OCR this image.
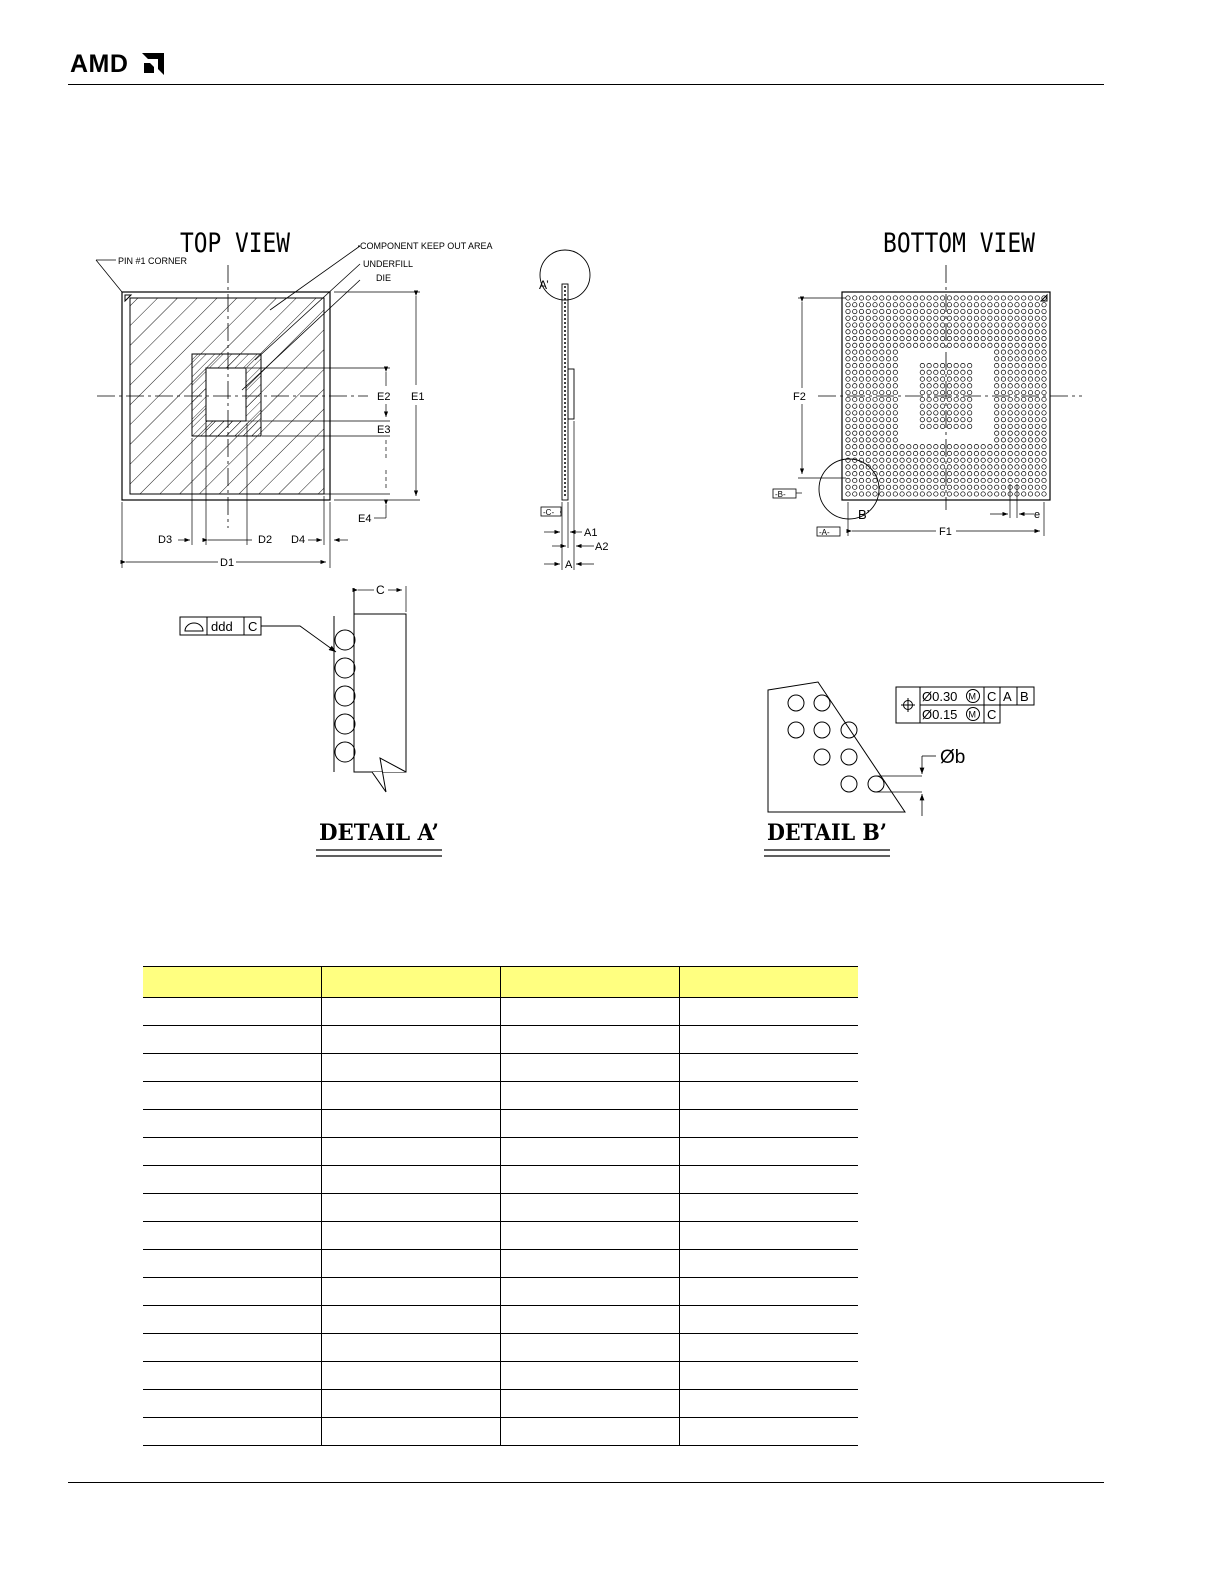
AMD
TOP VIEW
PIN #1 CORNER
COMPONENT KEEP OUT AREA
UNDERFILL
DIE
E1
E2
E3
E4
D3	D2 D4
D1
A’
-C-
A1
A2
A
BOTTOM VIEW
B’
F2
-B-
F1
-A-
e
ddd C
C
DETAIL A’
Ø0.30 M C A B
Ø0.15 M C
Øb
DETAIL B’
